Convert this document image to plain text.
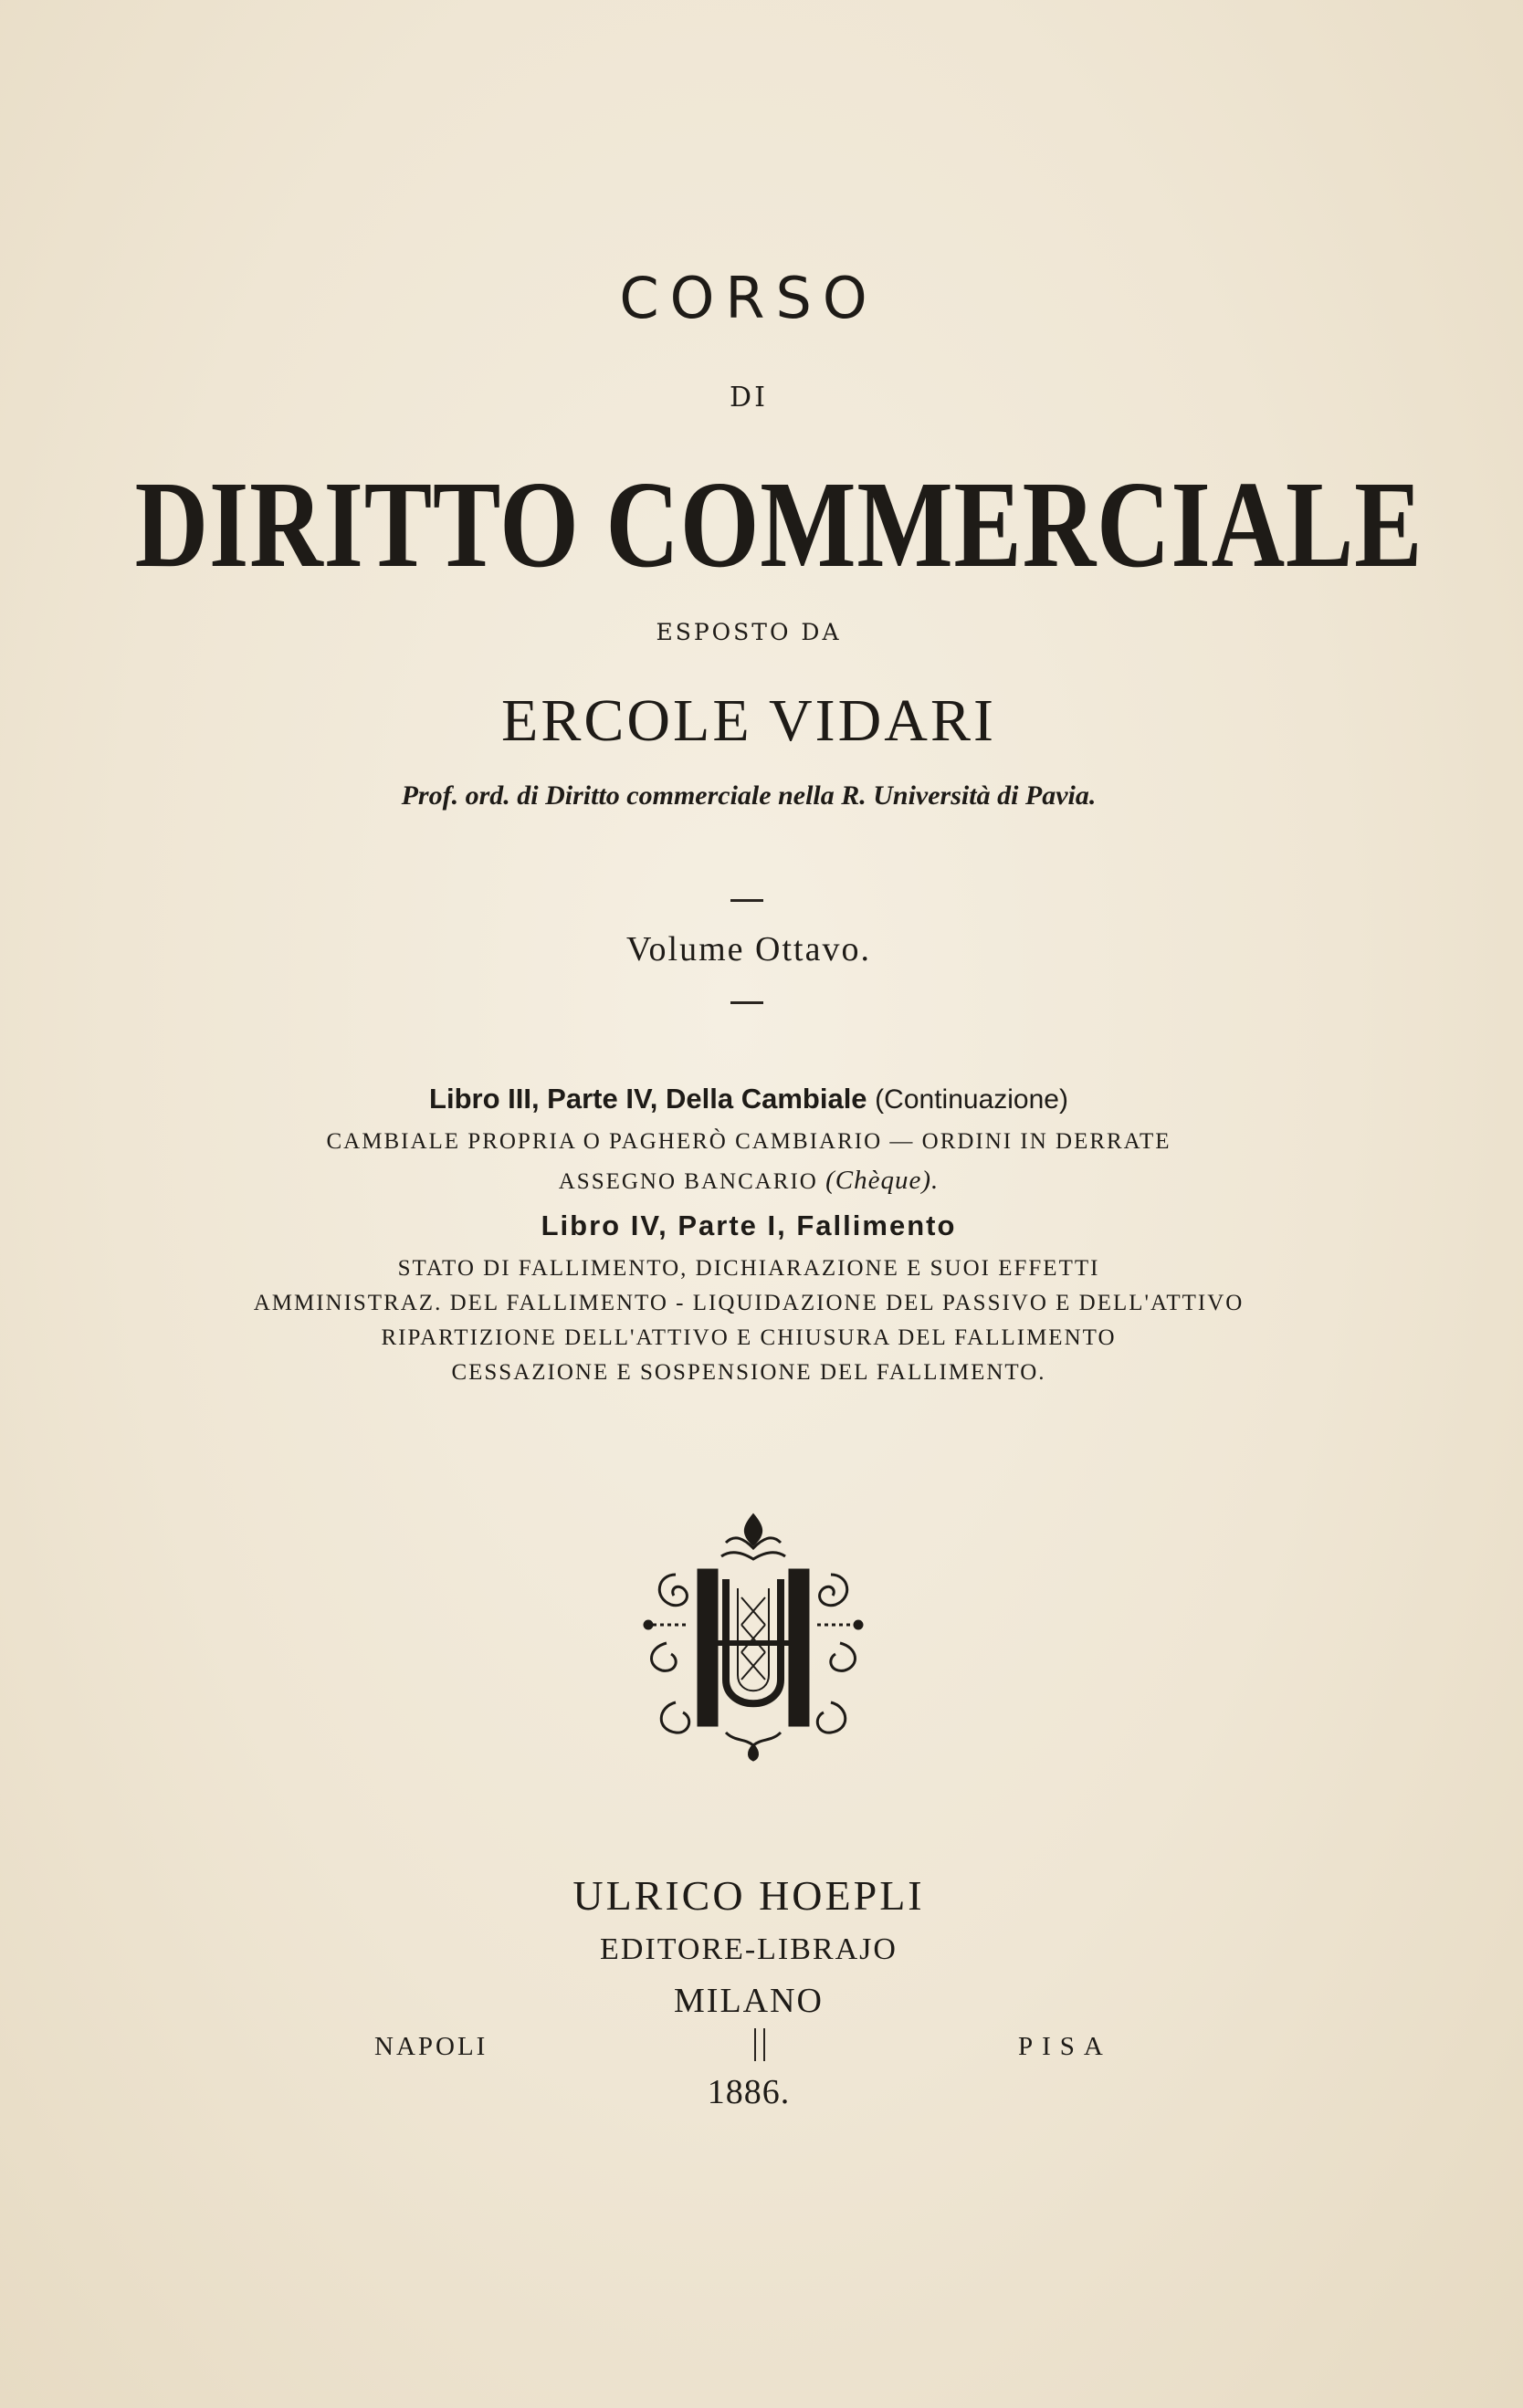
CORSO
DI
DIRITTO COMMERCIALE
ESPOSTO DA
ERCOLE VIDARI
Prof. ord. di Diritto commerciale nella R. Università di Pavia.
Volume Ottavo.
Libro III, Parte IV, Della Cambiale (Continuazione)
CAMBIALE PROPRIA O PAGHERÒ CAMBIARIO — ORDINI IN DERRATE
ASSEGNO BANCARIO (Chèque).
Libro IV, Parte I, Fallimento
STATO DI FALLIMENTO, DICHIARAZIONE E SUOI EFFETTI
AMMINISTRAZ. DEL FALLIMENTO - LIQUIDAZIONE DEL PASSIVO E DELL'ATTIVO
RIPARTIZIONE DELL'ATTIVO E CHIUSURA DEL FALLIMENTO
CESSAZIONE E SOSPENSIONE DEL FALLIMENTO.
ULRICO HOEPLI
EDITORE-LIBRAJO
MILANO
NAPOLI	PISA
1886.
